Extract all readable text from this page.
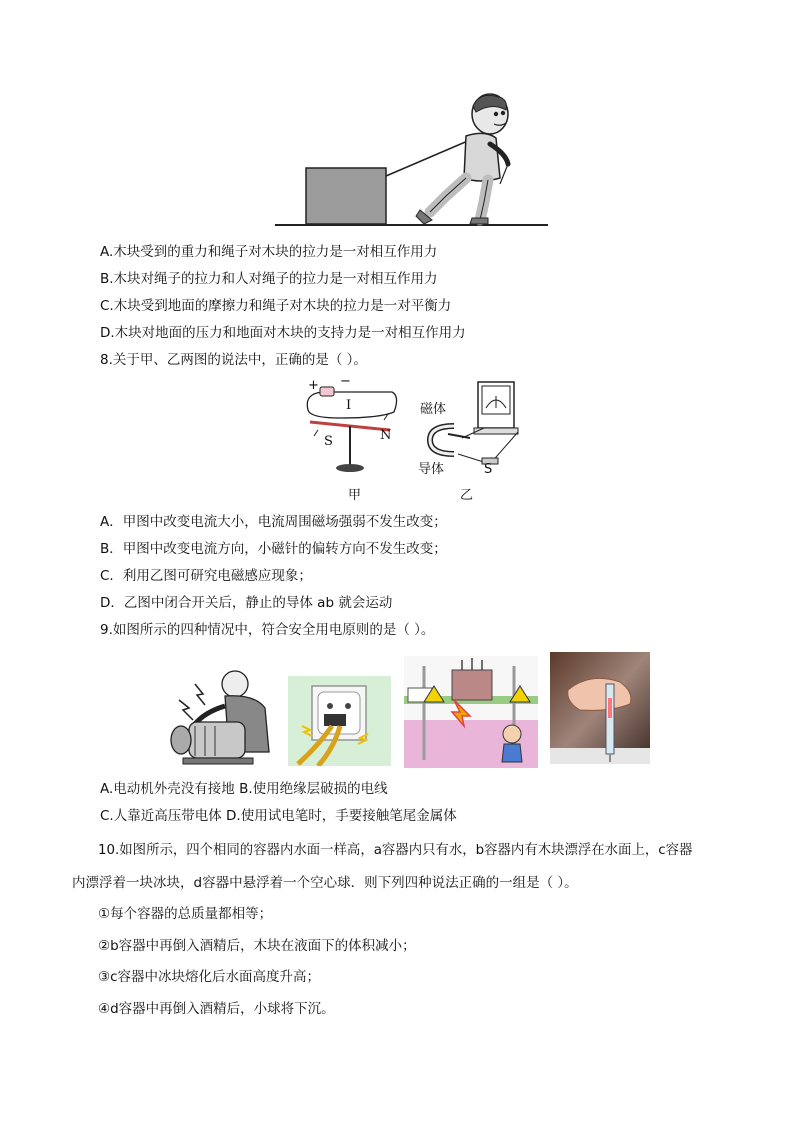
A.木块受到的重力和绳子对木块的拉力是一对相互作用力
B.木块对绳子的拉力和人对绳子的拉力是一对相互作用力
C.木块受到地面的摩擦力和绳子对木块的拉力是一对平衡力
D.木块对地面的压力和地面对木块的支持力是一对相互作用力
8.关于甲、乙两图的说法中，正确的是（ ）。
+ −
I
S	N
甲
磁体
导体	S
乙
A．甲图中改变电流大小，电流周围磁场强弱不发生改变；
B．甲图中改变电流方向，小磁针的偏转方向不发生改变；
C．利用乙图可研究电磁感应现象；
D．乙图中闭合开关后，静止的导体 ab 就会运动
9.如图所示的四种情况中，符合安全用电原则的是（ ）。
A.电动机外壳没有接地 B.使用绝缘层破损的电线
C.人靠近高压带电体 D.使用试电笔时，手要接触笔尾金属体
10.如图所示，四个相同的容器内水面一样高，a容器内只有水，b容器内有木块漂浮在水面上，c容器
内漂浮着一块冰块，d容器中悬浮着一个空心球．则下列四种说法正确的一组是（ ）。
①每个容器的总质量都相等；
②b容器中再倒入酒精后，木块在液面下的体积减小；
③c容器中冰块熔化后水面高度升高；
④d容器中再倒入酒精后，小球将下沉。
